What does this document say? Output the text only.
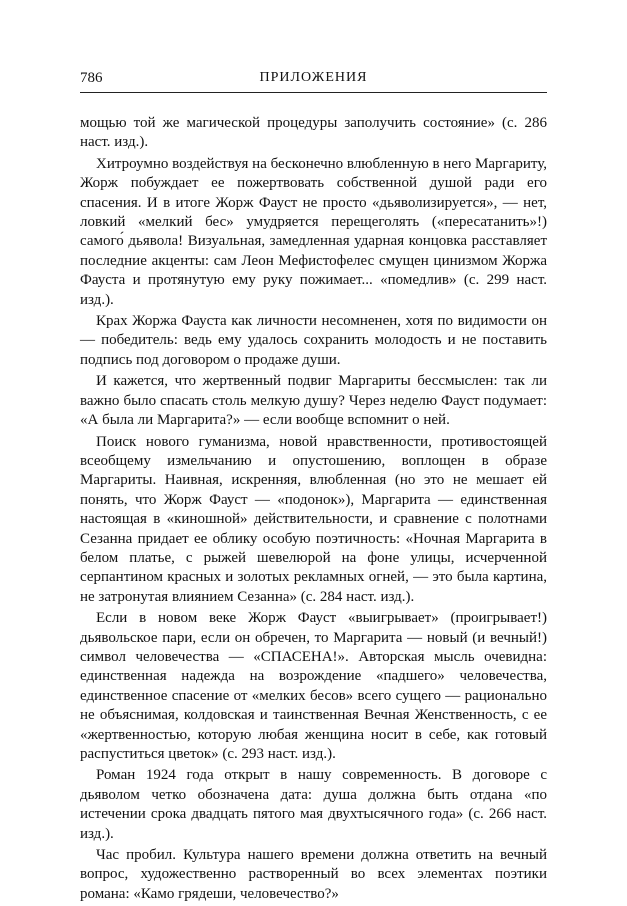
786	ПРИЛОЖЕНИЯ

мощью той же магической процедуры заполучить состояние» (с. 286 наст. изд.).

Хитроумно воздействуя на бесконечно влюбленную в него Маргариту, Жорж побуждает ее пожертвовать собственной душой ради его спасения. И в итоге Жорж Фауст не просто «дьяволизируется», — нет, ловкий «мелкий бес» умудряется перещеголять («пересатанить»!) самого́ дьявола! Визуальная, замедленная ударная концовка расставляет последние акценты: сам Леон Мефистофелес смущен цинизмом Жоржа Фауста и протянутую ему руку пожимает... «помедлив» (с. 299 наст. изд.).

Крах Жоржа Фауста как личности несомненен, хотя по видимости он — победитель: ведь ему удалось сохранить молодость и не поставить подпись под договором о продаже души.

И кажется, что жертвенный подвиг Маргариты бессмыслен: так ли важно было спасать столь мелкую душу? Через неделю Фауст подумает: «А была ли Маргарита?» — если вообще вспомнит о ней.

Поиск нового гуманизма, новой нравственности, противостоящей всеобщему измельчанию и опустошению, воплощен в образе Маргариты. Наивная, искренняя, влюбленная (но это не мешает ей понять, что Жорж Фауст — «подонок»), Маргарита — единственная настоящая в «киношной» действительности, и сравнение с полотнами Сезанна придает ее облику особую поэтичность: «Ночная Маргарита в белом платье, с рыжей шевелюрой на фоне улицы, исчерченной серпантином красных и золотых рекламных огней, — это была картина, не затронутая влиянием Сезанна» (с. 284 наст. изд.).

Если в новом веке Жорж Фауст «выигрывает» (проигрывает!) дьявольское пари, если он обречен, то Маргарита — новый (и вечный!) символ человечества — «СПАСЕНА!». Авторская мысль очевидна: единственная надежда на возрождение «падшего» человечества, единственное спасение от «мелких бесов» всего сущего — рационально не объяснимая, колдовская и таинственная Вечная Женственность, с ее «жертвенностью, которую любая женщина носит в себе, как готовый распуститься цветок» (с. 293 наст. изд.).

Роман 1924 года открыт в нашу современность. В договоре с дьяволом четко обозначена дата: душа должна быть отдана «по истечении срока двадцать пятого мая двухтысячного года» (с. 266 наст. изд.).

Час пробил. Культура нашего времени должна ответить на вечный вопрос, художественно растворенный во всех элементах поэтики романа: «Камо грядеши, человечество?»
